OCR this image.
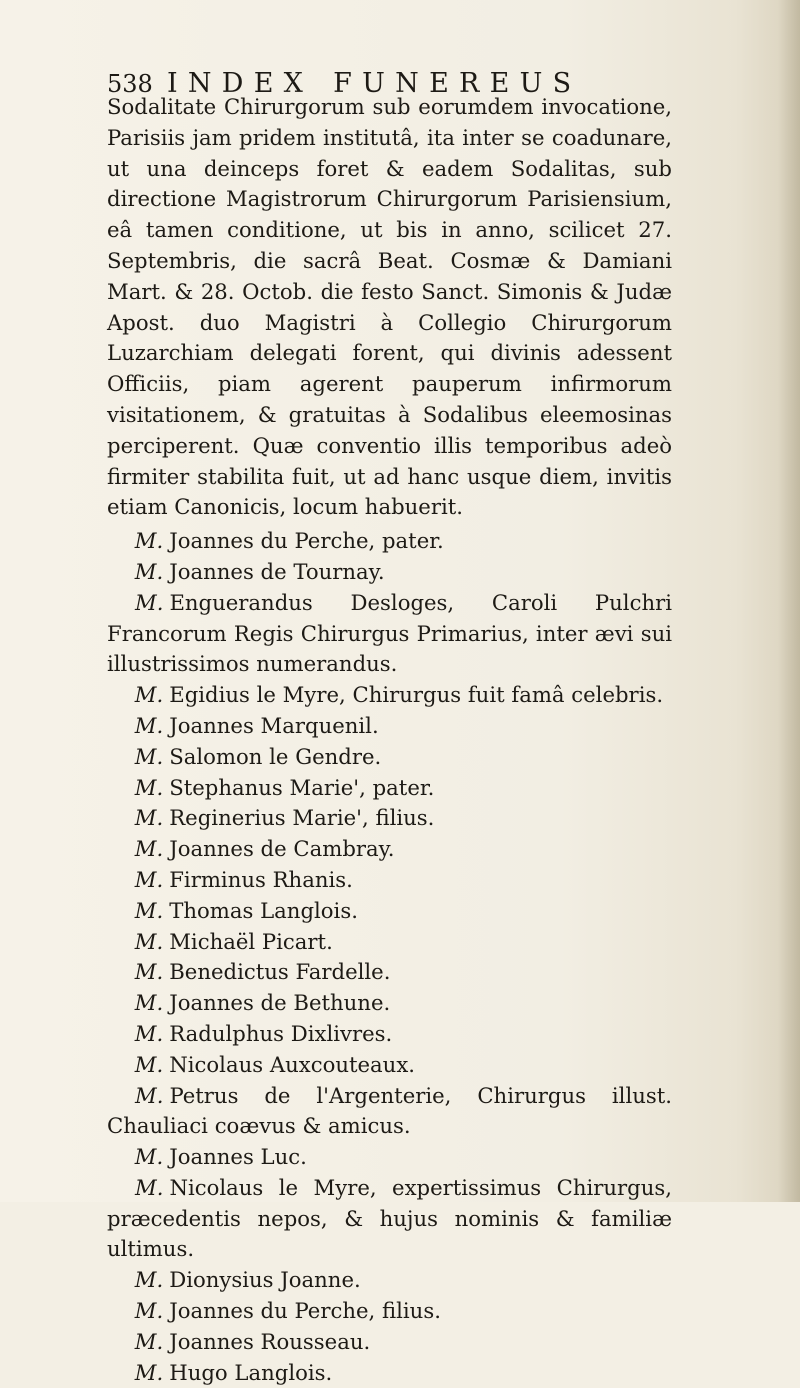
538 INDEX FUNEREUS

Sodalitate Chirurgorum sub eorumdem invocatione, Parisiis jam pridem institutâ, ita inter se coadunare, ut una deinceps foret & eadem Sodalitas, sub directione Magistrorum Chirurgorum Parisiensium, eâ tamen conditione, ut bis in anno, scilicet 27. Septembris, die sacrâ Beat. Cosmæ & Damiani Mart. & 28. Octob. die festo Sanct. Simonis & Judæ Apost. duo Magistri à Collegio Chirurgorum Luzarchiam delegati forent, qui divinis adessent Officiis, piam agerent pauperum infirmorum visitationem, & gratuitas à Sodalibus eleemosinas perciperent. Quæ conventio illis temporibus adeò firmiter stabilita fuit, ut ad hanc usque diem, invitis etiam Canonicis, locum habuerit.

M. Joannes du Perche, pater.
M. Joannes de Tournay.
M. Enguerandus Desloges, Caroli Pulchri Francorum Regis Chirurgus Primarius, inter ævi sui illustrissimos numerandus.
M. Egidius le Myre, Chirurgus fuit famâ celebris.
M. Joannes Marquenil.
M. Salomon le Gendre.
M. Stephanus Marie', pater.
M. Reginerius Marie', filius.
M. Joannes de Cambray.
M. Firminus Rhanis.
M. Thomas Langlois.
M. Michaël Picart.
M. Benedictus Fardelle.
M. Joannes de Bethune.
M. Radulphus Dixlivres.
M. Nicolaus Auxcouteaux.
M. Petrus de l'Argenterie, Chirurgus illust. Chauliaci coævus & amicus.
M. Joannes Luc.
M. Nicolaus le Myre, expertissimus Chirurgus, præcedentis nepos, & hujus nominis & familiæ ultimus.
M. Dionysius Joanne.
M. Joannes du Perche, filius.
M. Joannes Rousseau.
M. Hugo Langlois.
